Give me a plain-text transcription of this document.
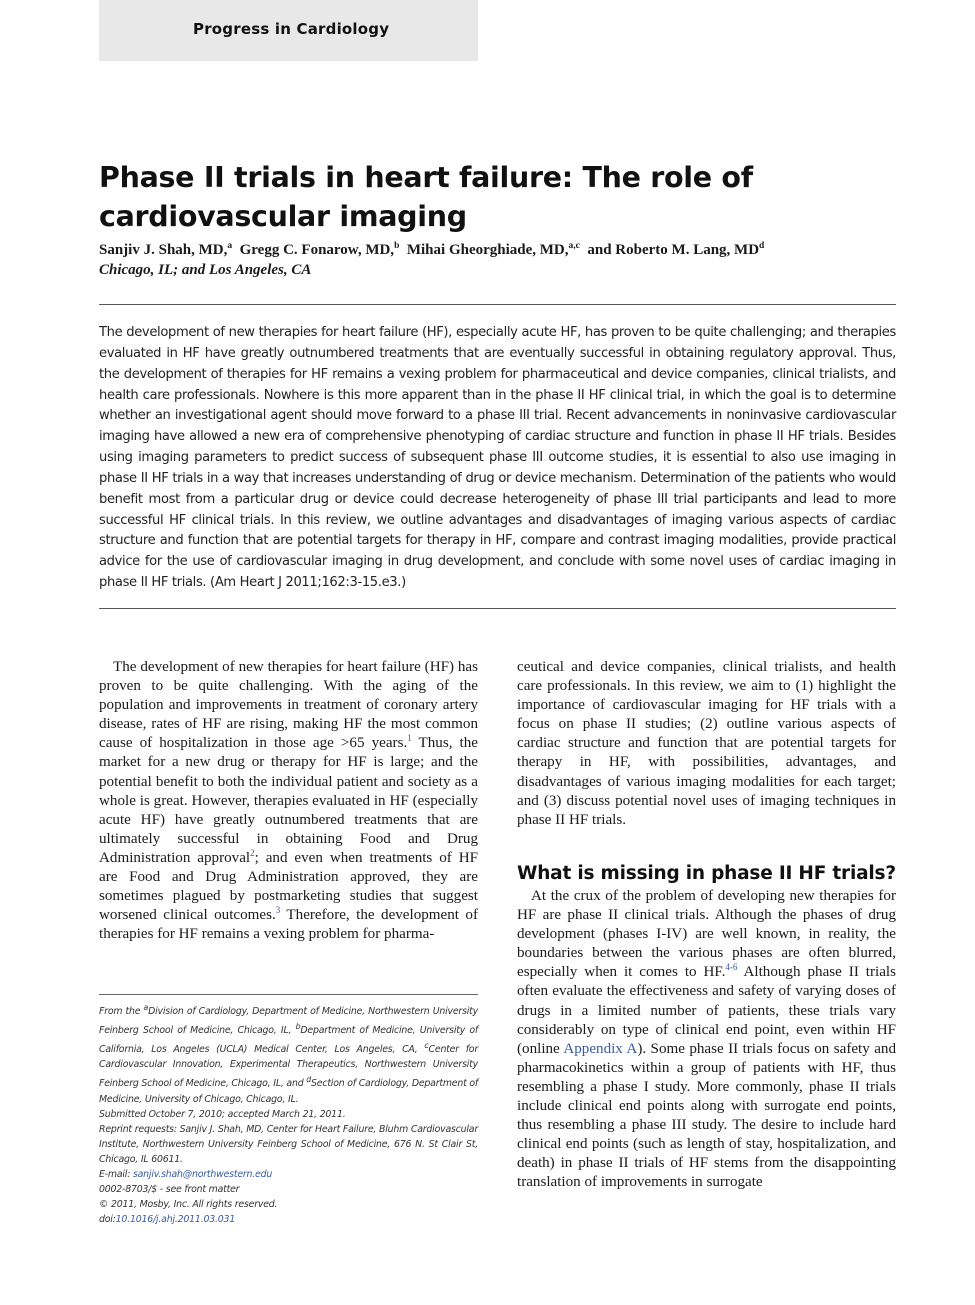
Progress in Cardiology
Phase II trials in heart failure: The role of cardiovascular imaging
Sanjiv J. Shah, MD,$^a$ Gregg C. Fonarow, MD,$^b$ Mihai Gheorghiade, MD,$^{a,c}$ and Roberto M. Lang, $MD^d$
Chicago, IL; and Los Angeles, CA

The development of new therapies for heart failure (HF), especially acute HF, has proven to be quite challenging; and therapies evaluated in HF have greatly outnumbered treatments that are eventually successful in obtaining regulatory approval. Thus, the development of therapies for HF remains a vexing problem for pharmaceutical and device companies, clinical trialists, and health care professionals. Nowhere is this more apparent than in the phase II HF clinical trial, in which the goal is to determine whether an investigational agent should move forward to a phase III trial. Recent advancements in noninvasive cardiovascular imaging have allowed a new era of comprehensive phenotyping of cardiac structure and function in phase II HF trials. Besides using imaging parameters to predict success of subsequent phase III outcome studies, it is essential to also use imaging in phase II HF trials in a way that increases understanding of drug or device mechanism. Determination of the patients who would benefit most from a particular drug or device could decrease heterogeneity of phase III trial participants and lead to more successful HF clinical trials. In this review, we outline advantages and disadvantages of imaging various aspects of cardiac structure and function that are potential targets for therapy in HF, compare and contrast imaging modalities, provide practical advice for the use of cardiovascular imaging in drug development, and conclude with some novel uses of cardiac imaging in phase II HF trials. (Am Heart J 2011;162:3-15.e3.)

The development of new therapies for heart failure (HF) has proven to be quite challenging. With the aging of the population and improvements in treatment of coronary artery disease, rates of HF are rising, making HF the most common cause of hospitalization in those age >65 years.$^1$ Thus, the market for a new drug or therapy for HF is large; and the potential benefit to both the individual patient and society as a whole is great. However, therapies evaluated in HF (especially acute HF) have greatly outnumbered treatments that are ultimately successful in obtaining Food and Drug Administration approval$^2$; and even when treatments of HF are Food and Drug Administration approved, they are sometimes plagued by postmarketing studies that suggest worsened clinical outcomes.$^3$ Therefore, the development of therapies for HF remains a vexing problem for pharma-

ceutical and device companies, clinical trialists, and health care professionals. In this review, we aim to (1) highlight the importance of cardiovascular imaging for HF trials with a focus on phase II studies; (2) outline various aspects of cardiac structure and function that are potential targets for therapy in HF, with possibilities, advantages, and disadvantages of various imaging modalities for each target; and (3) discuss potential novel uses of imaging techniques in phase II HF trials.

What is missing in phase II HF trials?

At the crux of the problem of developing new therapies for HF are phase II clinical trials. Although the phases of drug development (phases I-IV) are well known, in reality, the boundaries between the various phases are often blurred, especially when it comes to HF.$^{4-6}$ Although phase II trials often evaluate the effectiveness and safety of varying doses of drugs in a limited number of patients, these trials vary considerably on type of clinical end point, even within HF (online Appendix A). Some phase II trials focus on safety and pharmacokinetics within a group of patients with HF, thus resembling a phase I study. More commonly, phase II trials include clinical end points along with surrogate end points, thus resembling a phase III study. The desire to include hard clinical end points (such as length of stay, hospitalization, and death) in phase II trials of HF stems from the disappointing translation of improvements in surrogate

From the $^a$Division of Cardiology, Department of Medicine, Northwestern University Feinberg School of Medicine, Chicago, IL, $^b$Department of Medicine, University of California, Los Angeles (UCLA) Medical Center, Los Angeles, CA, $^c$Center for Cardiovascular Innovation, Experimental Therapeutics, Northwestern University Feinberg School of Medicine, Chicago, IL, and $^d$Section of Cardiology, Department of Medicine, University of Chicago, Chicago, IL.

Submitted October 7, 2010; accepted March 21, 2011.

Reprint requests: Sanjiv J. Shah, MD, Center for Heart Failure, Bluhm Cardiovascular Institute, Northwestern University Feinberg School of Medicine, 676 N. St Clair St, Chicago, IL 60611.

E-mail: sanjiv.shah@northwestern.edu

0002-8703/$ - see front matter

© 2011, Mosby, Inc. All rights reserved.

doi:10.1016/j.ahj.2011.03.031
